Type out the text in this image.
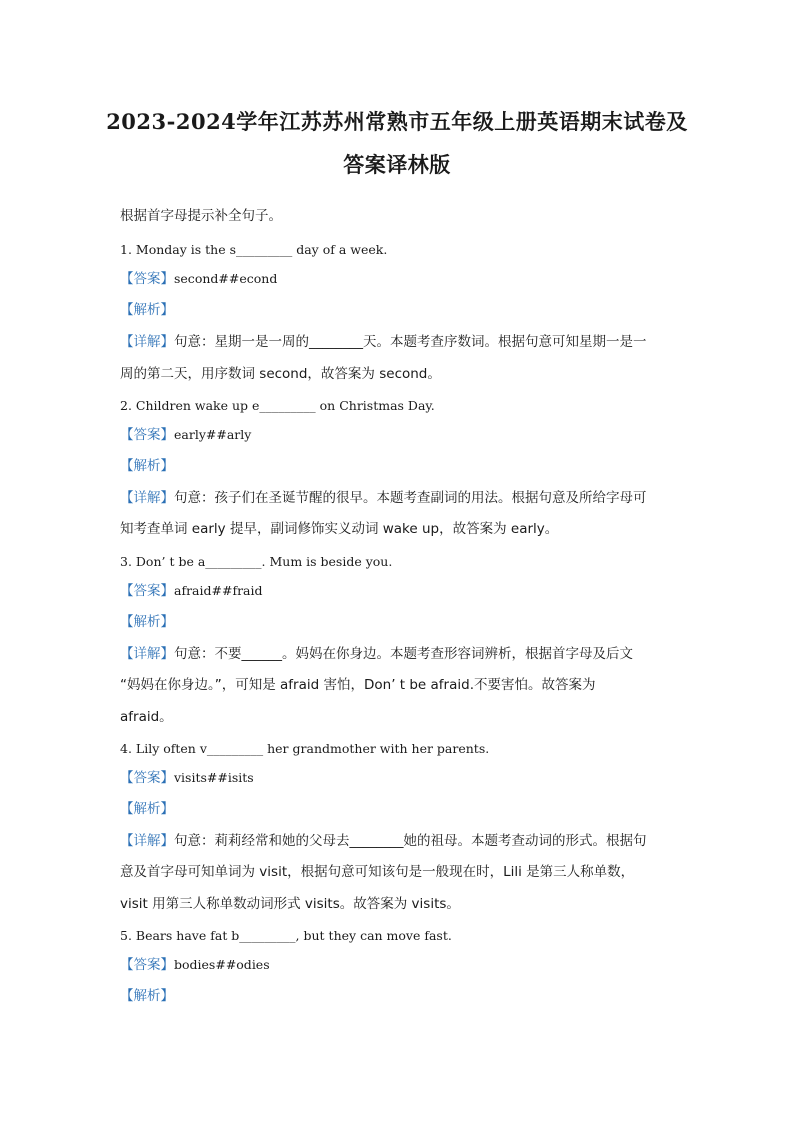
2023-2024学年江苏苏州常熟市五年级上册英语期末试卷及
答案译林版
根据首字母提示补全句子。
1. Monday is the s_________ day of a week.
【答案】second##econd
【解析】
【详解】句意：星期一是一周的________天。本题考查序数词。根据句意可知星期一是一
周的第二天，用序数词 second，故答案为 second。
2. Children wake up e_________ on Christmas Day.
【答案】early##arly
【解析】
【详解】句意：孩子们在圣诞节醒的很早。本题考查副词的用法。根据句意及所给字母可
知考查单词 early 提早，副词修饰实义动词 wake up，故答案为 early。
3. Don’ t be a_________. Mum is beside you.
【答案】afraid##fraid
【解析】
【详解】句意：不要______。妈妈在你身边。本题考查形容词辨析，根据首字母及后文
“妈妈在你身边。”，可知是 afraid 害怕，Don’ t be afraid.不要害怕。故答案为
afraid。
4. Lily often v_________ her grandmother with her parents.
【答案】visits##isits
【解析】
【详解】句意：莉莉经常和她的父母去________她的祖母。本题考查动词的形式。根据句
意及首字母可知单词为 visit，根据句意可知该句是一般现在时，Lili 是第三人称单数，
visit 用第三人称单数动词形式 visits。故答案为 visits。
5. Bears have fat b_________, but they can move fast.
【答案】bodies##odies
【解析】
